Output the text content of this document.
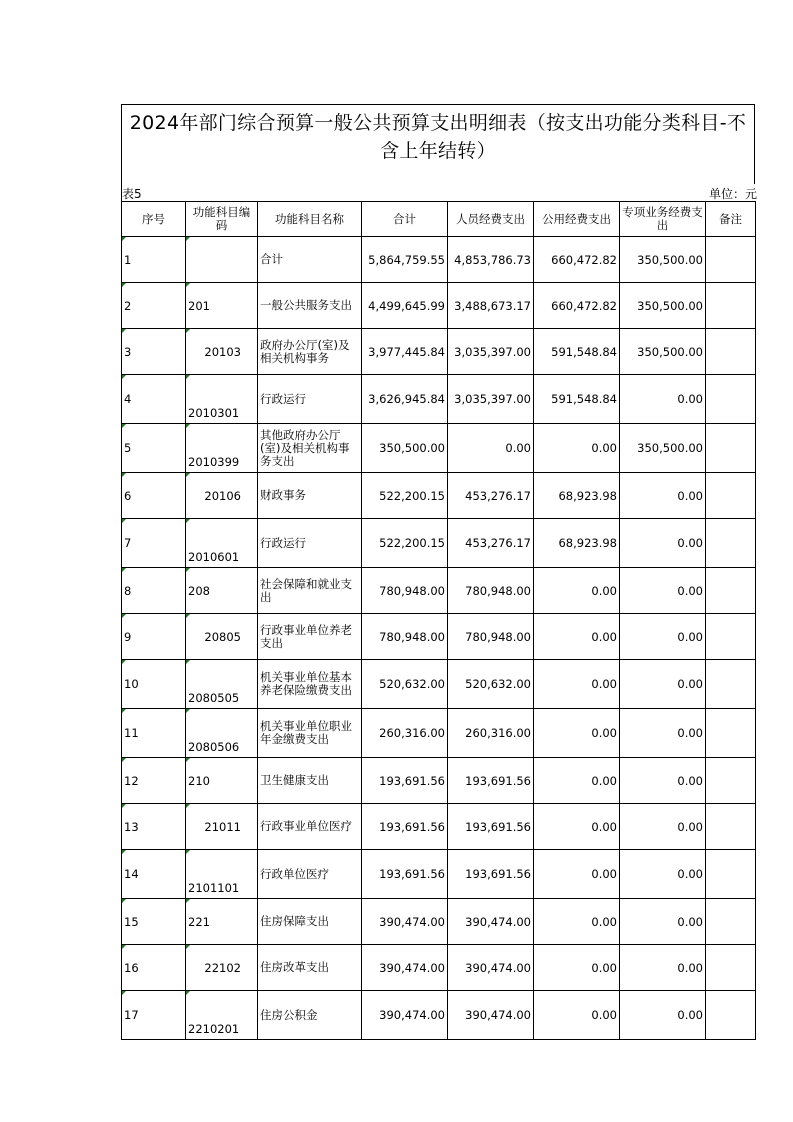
2024年部门综合预算一般公共预算支出明细表（按支出功能分类科目-不
含上年结转）
表5	单位：元
序号	功能科目编码	功能科目名称	合计	人员经费支出	公用经费支出	专项业务经费支出	备注

1		合计	5,864,759.55	4,853,786.73	660,472.82	350,500.00	

2	201	一般公共服务支出	4,499,645.99	3,488,673.17	660,472.82	350,500.00	

3	20103	政府办公厅(室)及相关机构事务	3,977,445.84	3,035,397.00	591,548.84	350,500.00	

4	2010301	行政运行	3,626,945.84	3,035,397.00	591,548.84	0.00	

5	2010399	其他政府办公厅(室)及相关机构事务支出	350,500.00	0.00	0.00	350,500.00	

6	20106	财政事务	522,200.15	453,276.17	68,923.98	0.00	

7	2010601	行政运行	522,200.15	453,276.17	68,923.98	0.00	

8	208	社会保障和就业支出	780,948.00	780,948.00	0.00	0.00	

9	20805	行政事业单位养老支出	780,948.00	780,948.00	0.00	0.00	

10	2080505	机关事业单位基本养老保险缴费支出	520,632.00	520,632.00	0.00	0.00	

11	2080506	机关事业单位职业年金缴费支出	260,316.00	260,316.00	0.00	0.00	

12	210	卫生健康支出	193,691.56	193,691.56	0.00	0.00	

13	21011	行政事业单位医疗	193,691.56	193,691.56	0.00	0.00	

14	2101101	行政单位医疗	193,691.56	193,691.56	0.00	0.00	

15	221	住房保障支出	390,474.00	390,474.00	0.00	0.00	

16	22102	住房改革支出	390,474.00	390,474.00	0.00	0.00	

17	2210201	住房公积金	390,474.00	390,474.00	0.00	0.00	
